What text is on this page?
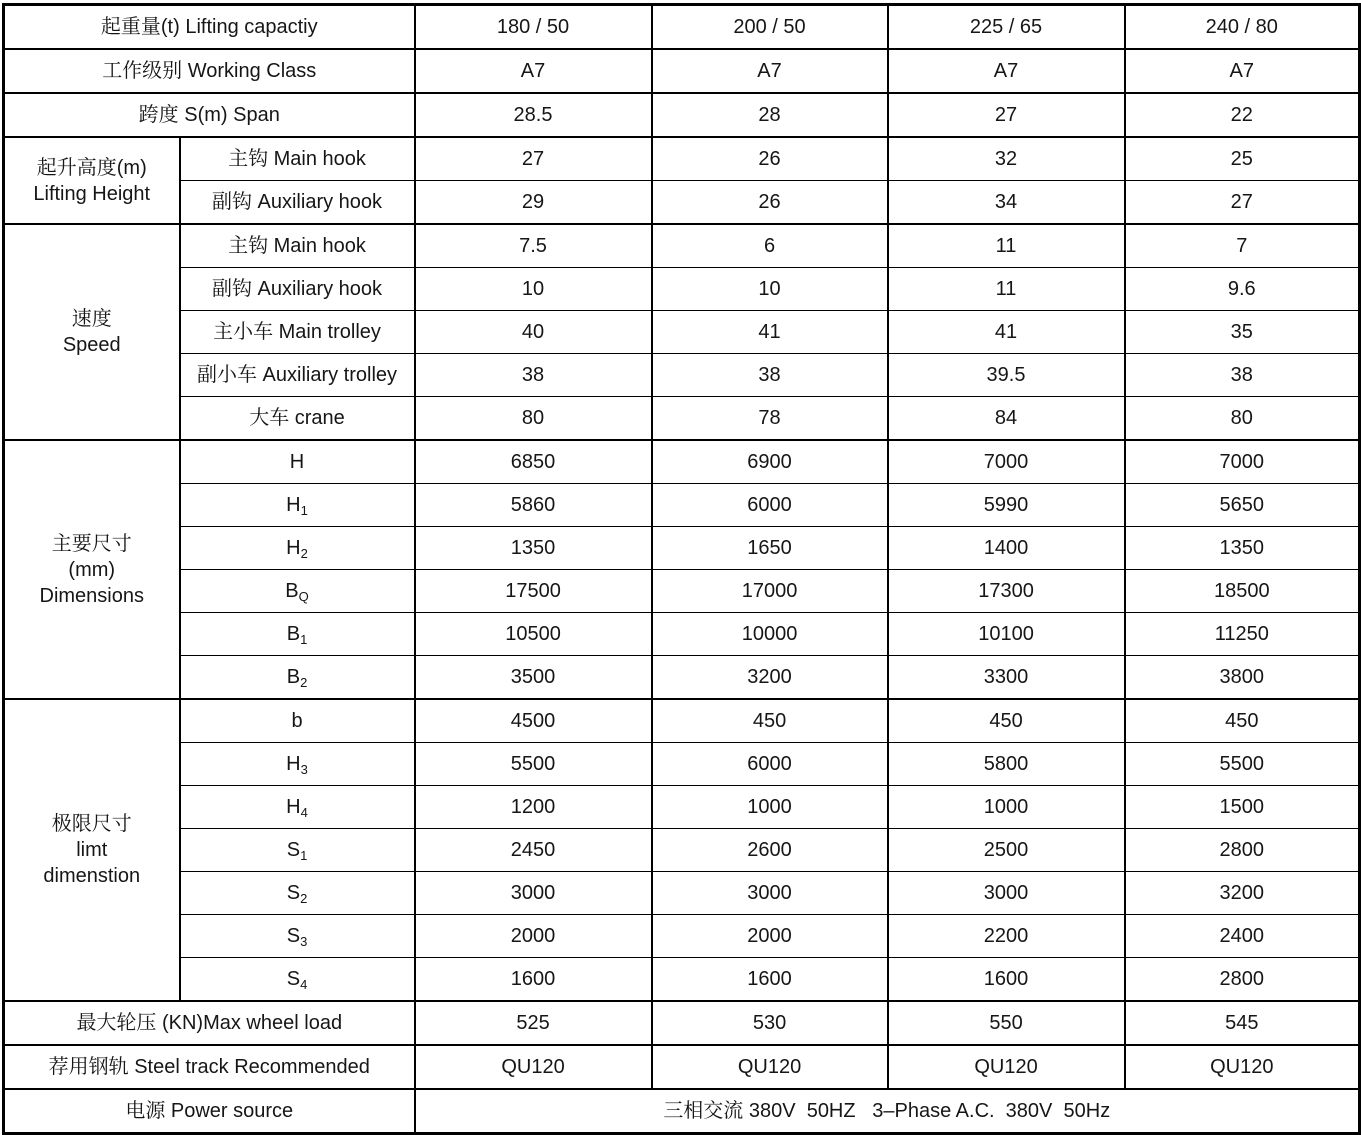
起重量(t) Lifting capactiy		180 / 50	200 / 50	225 / 65	240 / 80
工作级别 Working Class		A7	A7	A7	A7
跨度 S(m) Span		28.5	28	27	22

起升高度(m)
Lifting Height	主钩 Main hook	27	26	32	25
	副钩 Auxiliary hook	29	26	34	27

速度
Speed	主钩 Main hook	7.5	6	11	7
	副钩 Auxiliary hook	10	10	11	9.6
	主小车 Main trolley	40	41	41	35
	副小车 Auxiliary trolley	38	38	39.5	38
	大车 crane	80	78	84	80

主要尺寸
(mm)
Dimensions	H	6850	6900	7000	7000
	$H_1$	5860	6000	5990	5650
	$H_2$	1350	1650	1400	1350
	$B_Q$	17500	17000	17300	18500
	$B_1$	10500	10000	10100	11250
	$B_2$	3500	3200	3300	3800

极限尺寸
limt
dimenstion	b	4500	450	450	450
	$H_3$	5500	6000	5800	5500
	$H_4$	1200	1000	1000	1500
	$S_1$	2450	2600	2500	2800
	$S_2$	3000	3000	3000	3200
	$S_3$	2000	2000	2200	2400
	$S_4$	1600	1600	1600	2800
最大轮压 (KN)Max wheel load		525	530	550	545
荐用钢轨 Steel track Recommended		QU120	QU120	QU120	QU120
电源 Power source		三相交流 380V  50HZ   3–Phase A.C.  380V  50Hz			
